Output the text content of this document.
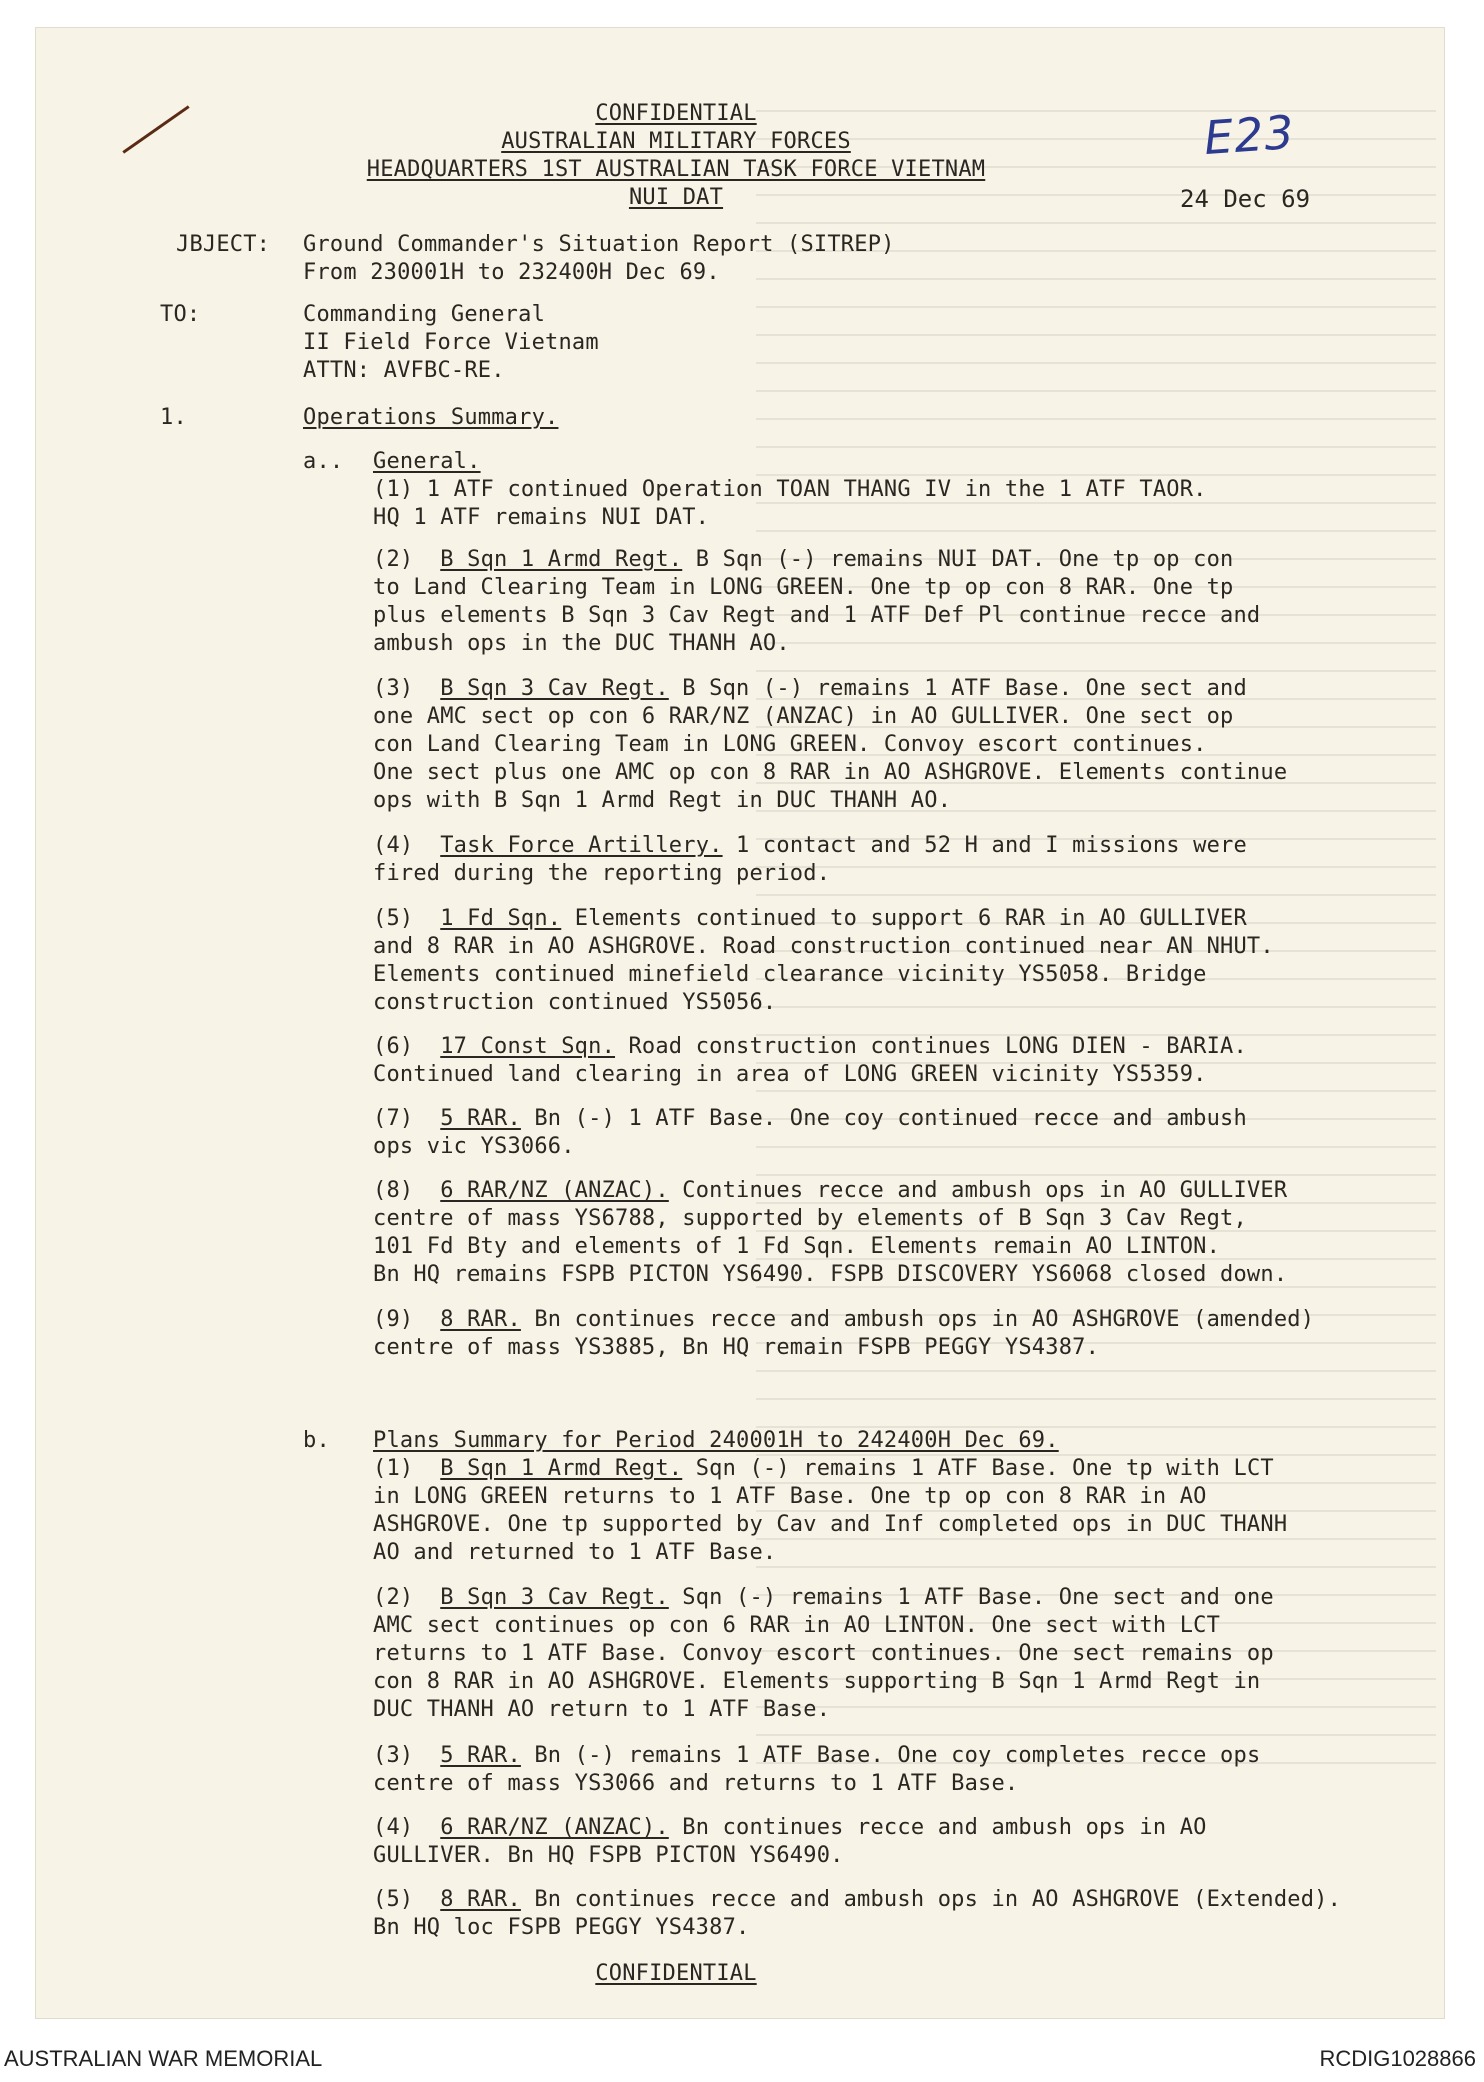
CONFIDENTIAL
AUSTRALIAN MILITARY FORCES
HEADQUARTERS 1ST AUSTRALIAN TASK FORCE VIETNAM
NUI DAT
E23
24 Dec 69
JBJECT: Ground Commander's Situation Report (SITREP)
From 230001H to 232400H Dec 69.
TO:	Commanding General
II Field Force Vietnam
ATTN: AVFBC-RE.
1.	Operations Summary.
a.. General.
(1) 1 ATF continued Operation TOAN THANG IV in the 1 ATF TAOR.
HQ 1 ATF remains NUI DAT.
(2) B Sqn 1 Armd Regt. B Sqn (-) remains NUI DAT. One tp op con
to Land Clearing Team in LONG GREEN. One tp op con 8 RAR. One tp
plus elements B Sqn 3 Cav Regt and 1 ATF Def Pl continue recce and
ambush ops in the DUC THANH AO.
(3) B Sqn 3 Cav Regt. B Sqn (-) remains 1 ATF Base. One sect and
one AMC sect op con 6 RAR/NZ (ANZAC) in AO GULLIVER. One sect op
con Land Clearing Team in LONG GREEN. Convoy escort continues.
One sect plus one AMC op con 8 RAR in AO ASHGROVE. Elements continue
ops with B Sqn 1 Armd Regt in DUC THANH AO.
(4) Task Force Artillery. 1 contact and 52 H and I missions were
fired during the reporting period.
(5) 1 Fd Sqn. Elements continued to support 6 RAR in AO GULLIVER
and 8 RAR in AO ASHGROVE. Road construction continued near AN NHUT.
Elements continued minefield clearance vicinity YS5058. Bridge
construction continued YS5056.
(6) 17 Const Sqn. Road construction continues LONG DIEN - BARIA.
Continued land clearing in area of LONG GREEN vicinity YS5359.
(7) 5 RAR. Bn (-) 1 ATF Base. One coy continued recce and ambush
ops vic YS3066.
(8) 6 RAR/NZ (ANZAC). Continues recce and ambush ops in AO GULLIVER
centre of mass YS6788, supported by elements of B Sqn 3 Cav Regt,
101 Fd Bty and elements of 1 Fd Sqn. Elements remain AO LINTON.
Bn HQ remains FSPB PICTON YS6490. FSPB DISCOVERY YS6068 closed down.
(9) 8 RAR. Bn continues recce and ambush ops in AO ASHGROVE (amended)
centre of mass YS3885, Bn HQ remain FSPB PEGGY YS4387.
b. Plans Summary for Period 240001H to 242400H Dec 69.
(1) B Sqn 1 Armd Regt. Sqn (-) remains 1 ATF Base. One tp with LCT
in LONG GREEN returns to 1 ATF Base. One tp op con 8 RAR in AO
ASHGROVE. One tp supported by Cav and Inf completed ops in DUC THANH
AO and returned to 1 ATF Base.
(2) B Sqn 3 Cav Regt. Sqn (-) remains 1 ATF Base. One sect and one
AMC sect continues op con 6 RAR in AO LINTON. One sect with LCT
returns to 1 ATF Base. Convoy escort continues. One sect remains op
con 8 RAR in AO ASHGROVE. Elements supporting B Sqn 1 Armd Regt in
DUC THANH AO return to 1 ATF Base.
(3) 5 RAR. Bn (-) remains 1 ATF Base. One coy completes recce ops
centre of mass YS3066 and returns to 1 ATF Base.
(4) 6 RAR/NZ (ANZAC). Bn continues recce and ambush ops in AO
GULLIVER. Bn HQ FSPB PICTON YS6490.
(5) 8 RAR. Bn continues recce and ambush ops in AO ASHGROVE (Extended).
Bn HQ loc FSPB PEGGY YS4387.
CONFIDENTIAL
AUSTRALIAN WAR MEMORIAL	RCDIG1028866
